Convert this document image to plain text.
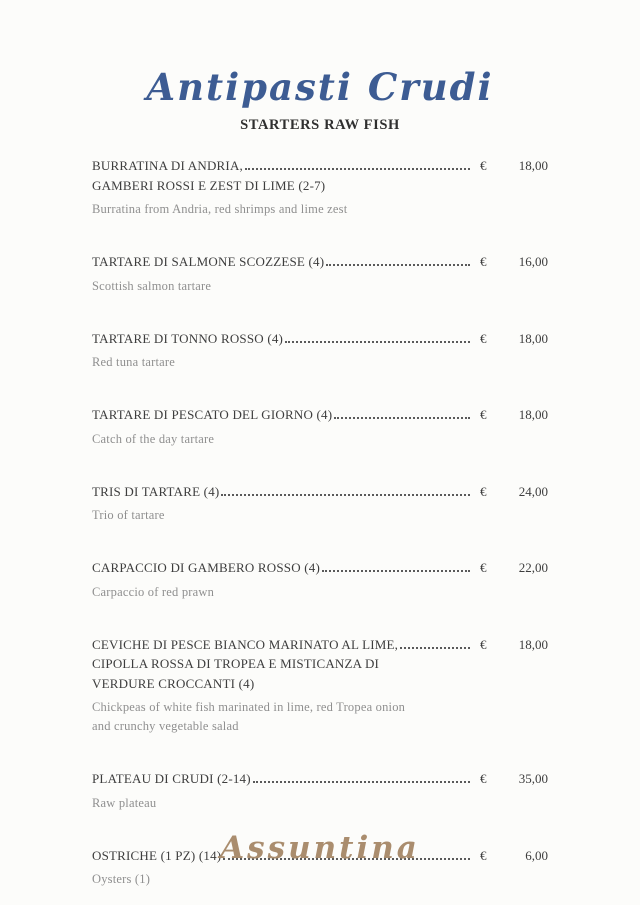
Antipasti Crudi
STARTERS RAW FISH
BURRATINA DI ANDRIA,	€	18,00
GAMBERI ROSSI E ZEST DI LIME (2-7)
Burratina from Andria, red shrimps and lime zest
TARTARE DI SALMONE SCOZZESE (4)	€	16,00
Scottish salmon tartare
TARTARE DI TONNO ROSSO (4)	€	18,00
Red tuna tartare
TARTARE DI PESCATO DEL GIORNO (4)	€	18,00
Catch of the day tartare
TRIS DI TARTARE (4)	€	24,00
Trio of tartare
CARPACCIO DI GAMBERO ROSSO (4)	€	22,00
Carpaccio of red prawn
CEVICHE DI PESCE BIANCO MARINATO AL LIME,	€	18,00
CIPOLLA ROSSA DI TROPEA E MISTICANZA DI
VERDURE CROCCANTI (4)
Chickpeas of white fish marinated in lime, red Tropea onion
and crunchy vegetable salad
PLATEAU DI CRUDI (2-14)	€	35,00
Raw plateau
OSTRICHE (1 PZ) (14)	€	6,00
Oysters (1)
Assuntina
